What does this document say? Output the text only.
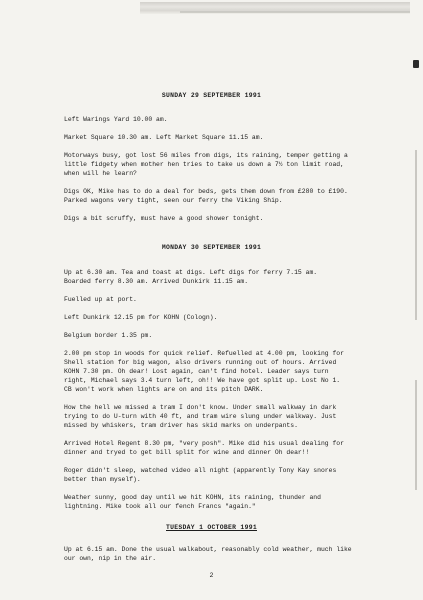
SUNDAY 29 SEPTEMBER 1991
Left Warings Yard 10.00 am.
Market Square 10.30 am. Left Market Square 11.15 am.
Motorways busy, got lost 56 miles from digs, its raining, temper getting a
little fidgety when mother hen tries to take us down a 7½ ton limit road,
when will he learn?
Digs OK, Mike has to do a deal for beds, gets them down from £280 to £190.
Parked wagons very tight, seen our ferry the Viking Ship.
Digs a bit scruffy, must have a good shower tonight.
MONDAY 30 SEPTEMBER 1991
Up at 6.30 am. Tea and toast at digs. Left digs for ferry 7.15 am.
Boarded ferry 8.30 am. Arrived Dunkirk 11.15 am.
Fuelled up at port.
Left Dunkirk 12.15 pm for KOHN (Cologn).
Belgium border 1.35 pm.
2.00 pm stop in woods for quick relief. Refuelled at 4.00 pm, looking for
Shell station for big wagon, also drivers running out of hours. Arrived
KOHN 7.30 pm. Oh dear! Lost again, can't find hotel. Leader says turn
right, Michael says 3.4 turn left, oh!! We have got split up. Lost No 1.
CB won't work when lights are on and its pitch DARK.
How the hell we missed a tram I don't know. Under small walkway in dark
trying to do U-turn with 40 ft, and tram wire slung under walkway. Just
missed by whiskers, tram driver has skid marks on underpants.
Arrived Hotel Regent 8.30 pm, "very posh". Mike did his usual dealing for
dinner and tryed to get bill split for wine and dinner Oh dear!!
Roger didn't sleep, watched video all night (apparently Tony Kay snores
better than myself).
Weather sunny, good day until we hit KOHN, its raining, thunder and
lightning. Mike took all our fench Francs "again."
TUESDAY 1 OCTOBER 1991
Up at 6.15 am. Done the usual walkabout, reasonably cold weather, much like
our own, nip in the air.
2
